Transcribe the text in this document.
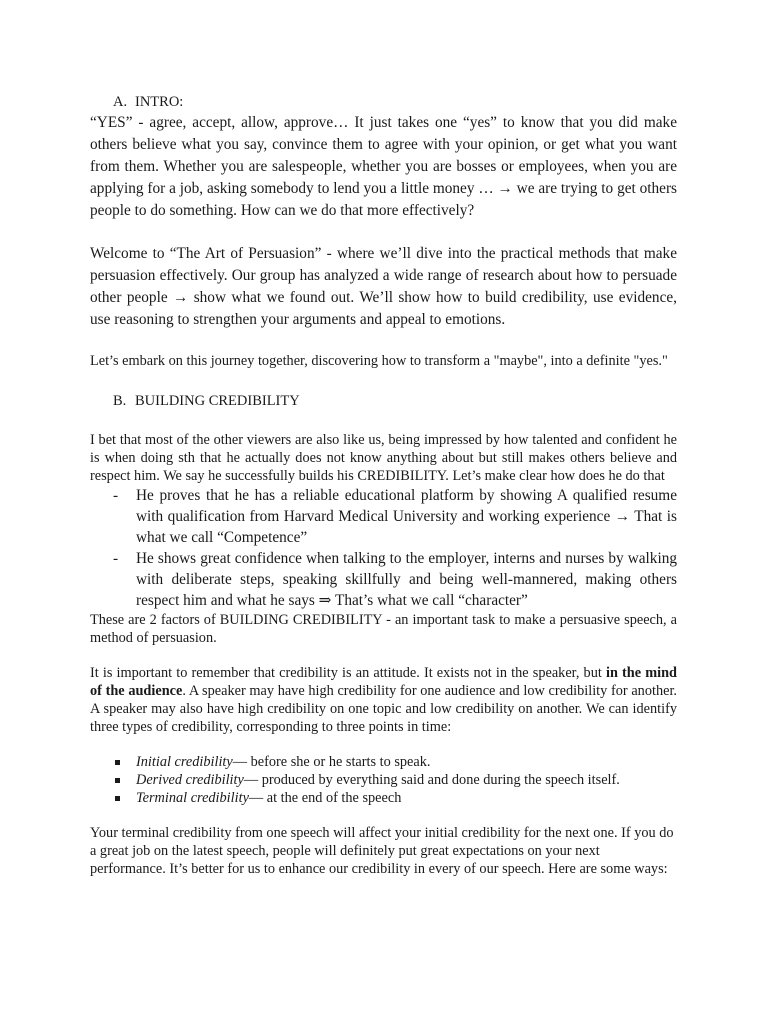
A. INTRO:

“YES” - agree, accept, allow, approve… It just takes one “yes” to know that you did make others believe what you say, convince them to agree with your opinion, or get what you want from them. Whether you are salespeople, whether you are bosses or employees, when you are applying for a job, asking somebody to lend you a little money … → we are trying to get others people to do something. How can we do that more effectively?

Welcome to “The Art of Persuasion” - where we’ll dive into the practical methods that make persuasion effectively. Our group has analyzed a wide range of research about how to persuade other people → show what we found out. We’ll show how to build credibility, use evidence, use reasoning to strengthen your arguments and appeal to emotions.

Let’s embark on this journey together, discovering how to transform a "maybe", into a definite "yes."

B. BUILDING CREDIBILITY

I bet that most of the other viewers are also like us, being impressed by how talented and confident he is when doing sth that he actually does not know anything about but still makes others believe and respect him. We say he successfully builds his CREDIBILITY. Let’s make clear how does he do that

- He proves that he has a reliable educational platform by showing A qualified resume with qualification from Harvard Medical University and working experience → That is what we call “Competence”
- He shows great confidence when talking to the employer, interns and nurses by walking with deliberate steps, speaking skillfully and being well-mannered, making others respect him and what he says ⇒ That’s what we call “character”

These are 2 factors of BUILDING CREDIBILITY - an important task to make a persuasive speech, a method of persuasion.

It is important to remember that credibility is an attitude. It exists not in the speaker, but in the mind of the audience. A speaker may have high credibility for one audience and low credibility for another. A speaker may also have high credibility on one topic and low credibility on another. We can identify three types of credibility, corresponding to three points in time:

Initial credibility— before she or he starts to speak.
Derived credibility— produced by everything said and done during the speech itself.
Terminal credibility— at the end of the speech

Your terminal credibility from one speech will affect your initial credibility for the next one. If you do a great job on the latest speech, people will definitely put great expectations on your next performance. It’s better for us to enhance our credibility in every of our speech. Here are some ways:
